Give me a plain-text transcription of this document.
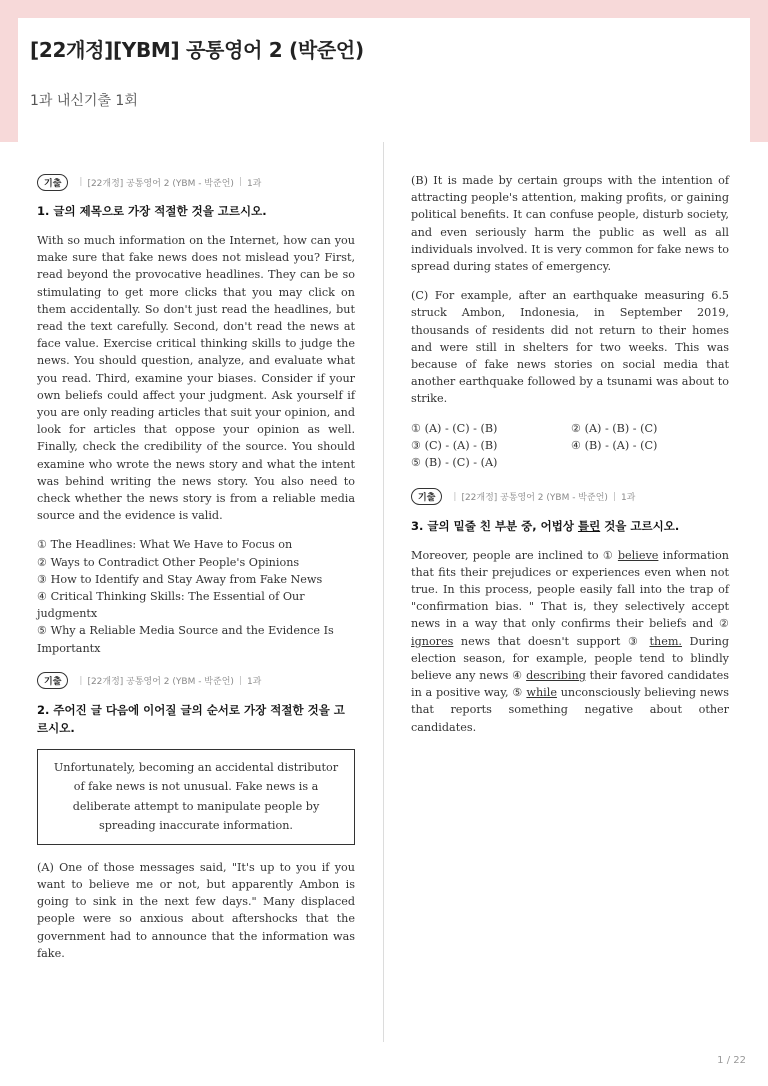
[22개정][YBM] 공통영어 2 (박준언)
1과 내신기출 1회
기출	| [22개정] 공통영어 2 (YBM - 박준언) | 1과
1. 글의 제목으로 가장 적절한 것을 고르시오.

With so much information on the Internet, how can you make sure that fake news does not mislead you? First, read beyond the provocative headlines. They can be so stimulating to get more clicks that you may click on them accidentally. So don't just read the headlines, but read the text carefully. Second, don't read the news at face value. Exercise critical thinking skills to judge the news. You should question, analyze, and evaluate what you read. Third, examine your biases. Consider if your own beliefs could affect your judgment. Ask yourself if you are only reading articles that suit your opinion, and look for articles that oppose your opinion as well. Finally, check the credibility of the source. You should examine who wrote the news story and what the intent was behind writing the news story. You also need to check whether the news story is from a reliable media source and the evidence is valid.

① The Headlines: What We Have to Focus on
② Ways to Contradict Other People's Opinions
③ How to Identify and Stay Away from Fake News
④ Critical Thinking Skills: The Essential of Our judgmentx
⑤ Why a Reliable Media Source and the Evidence Is Importantx
기출	| [22개정] 공통영어 2 (YBM - 박준언) | 1과
2. 주어진 글 다음에 이어질 글의 순서로 가장 적절한 것을 고르시오.
Unfortunately, becoming an accidental distributor of fake news is not unusual. Fake news is a deliberate attempt to manipulate people by spreading inaccurate information.

(A) One of those messages said, "It's up to you if you want to believe me or not, but apparently Ambon is going to sink in the next few days." Many displaced people were so anxious about aftershocks that the government had to announce that the information was fake.

(B) It is made by certain groups with the intention of attracting people's attention, making profits, or gaining political benefits. It can confuse people, disturb society, and even seriously harm the public as well as all individuals involved. It is very common for fake news to spread during states of emergency.

(C) For example, after an earthquake measuring 6.5 struck Ambon, Indonesia, in September 2019, thousands of residents did not return to their homes and were still in shelters for two weeks. This was because of fake news stories on social media that another earthquake followed by a tsunami was about to strike.

① (A) - (C) - (B)	② (A) - (B) - (C)
③ (C) - (A) - (B)	④ (B) - (A) - (C)
⑤ (B) - (C) - (A)
기출	| [22개정] 공통영어 2 (YBM - 박준언) | 1과
3. 글의 밑줄 친 부분 중, 어법상 틀린 것을 고르시오.

Moreover, people are inclined to ① believe information that fits their prejudices or experiences even when not true. In this process, people easily fall into the trap of "confirmation bias. " That is, they selectively accept news in a way that only confirms their beliefs and ② ignores news that doesn't support ③ them. During election season, for example, people tend to blindly believe any news ④ describing their favored candidates in a positive way, ⑤ while unconsciously believing news that reports something negative about other candidates.

1 / 22
